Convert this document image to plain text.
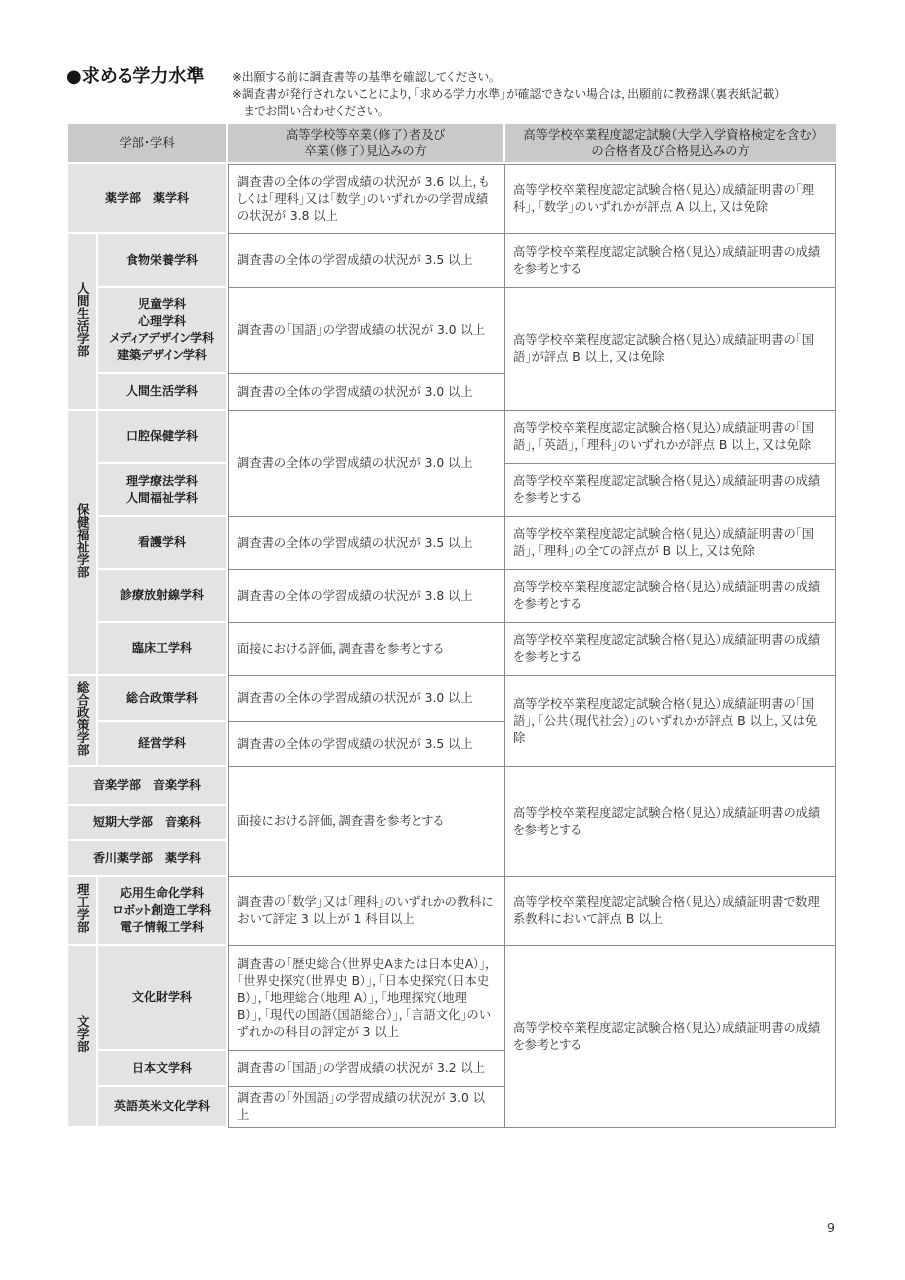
●求める学力水準 ※出願する前に調査書等の基準を確認してください。
※調査書が発行されないことにより，「求める学力水準」が確認できない場合は，出願前に教務課（裏表紙記載）
までお問い合わせください。
学部・学科		高等学校等卒業（修了）者及び
卒業（修了）見込みの方	高等学校卒業程度認定試験（大学入学資格検定を含む）
の合格者及び合格見込みの方

薬学部　薬学科		調査書の全体の学習成績の状況が 3.6 以上，もしくは「理科」又は「数学」のいずれかの学習成績の状況が 3.8 以上	高等学校卒業程度認定試験合格（見込）成績証明書の「理科」，「数学」のいずれかが評点 A 以上，又は免除
人間生活学部	食物栄養学科	調査書の全体の学習成績の状況が 3.5 以上	高等学校卒業程度認定試験合格（見込）成績証明書の成績を参考とする

	児童学科
心理学科
メディアデザイン学科
建築デザイン学科	調査書の「国語」の学習成績の状況が 3.0 以上	高等学校卒業程度認定試験合格（見込）成績証明書の「国語」が評点 B 以上，又は免除

	人間生活学科	調査書の全体の学習成績の状況が 3.0 以上	
保健福祉学部	口腔保健学科	調査書の全体の学習成績の状況が 3.0 以上	高等学校卒業程度認定試験合格（見込）成績証明書の「国語」，「英語」，「理科」のいずれかが評点 B 以上，又は免除

	理学療法学科
人間福祉学科		高等学校卒業程度認定試験合格（見込）成績証明書の成績を参考とする

	看護学科	調査書の全体の学習成績の状況が 3.5 以上	高等学校卒業程度認定試験合格（見込）成績証明書の「国語」，「理科」の全ての評点が B 以上，又は免除

	診療放射線学科	調査書の全体の学習成績の状況が 3.8 以上	高等学校卒業程度認定試験合格（見込）成績証明書の成績を参考とする

	臨床工学科	面接における評価，調査書を参考とする	高等学校卒業程度認定試験合格（見込）成績証明書の成績を参考とする
総合政策学部	総合政策学科	調査書の全体の学習成績の状況が 3.0 以上	高等学校卒業程度認定試験合格（見込）成績証明書の「国語」，「公共（現代社会）」のいずれかが評点 B 以上，又は免除

	経営学科	調査書の全体の学習成績の状況が 3.5 以上	

音楽学部　音楽学科		面接における評価，調査書を参考とする	高等学校卒業程度認定試験合格（見込）成績証明書の成績を参考とする

短期大学部　音楽科			

香川薬学部　薬学科			

理工学部	応用生命化学科
ロボット創造工学科
電子情報工学科	調査書の「数学」又は「理科」のいずれかの教科において評定 3 以上が 1 科目以上	高等学校卒業程度認定試験合格（見込）成績証明書で数理系教科において評点 B 以上
文学部	文化財学科	調査書の「歴史総合（世界史Aまたは日本史A）」，「世界史探究（世界史 B）」，「日本史探究（日本史 B）」，「地理総合（地理 A）」，「地理探究（地理 B）」，「現代の国語（国語総合）」，「言語文化」のいずれかの科目の評定が 3 以上	高等学校卒業程度認定試験合格（見込）成績証明書の成績を参考とする

	日本文学科	調査書の「国語」の学習成績の状況が 3.2 以上	

	英語英米文化学科	調査書の「外国語」の学習成績の状況が 3.0 以上	
9
